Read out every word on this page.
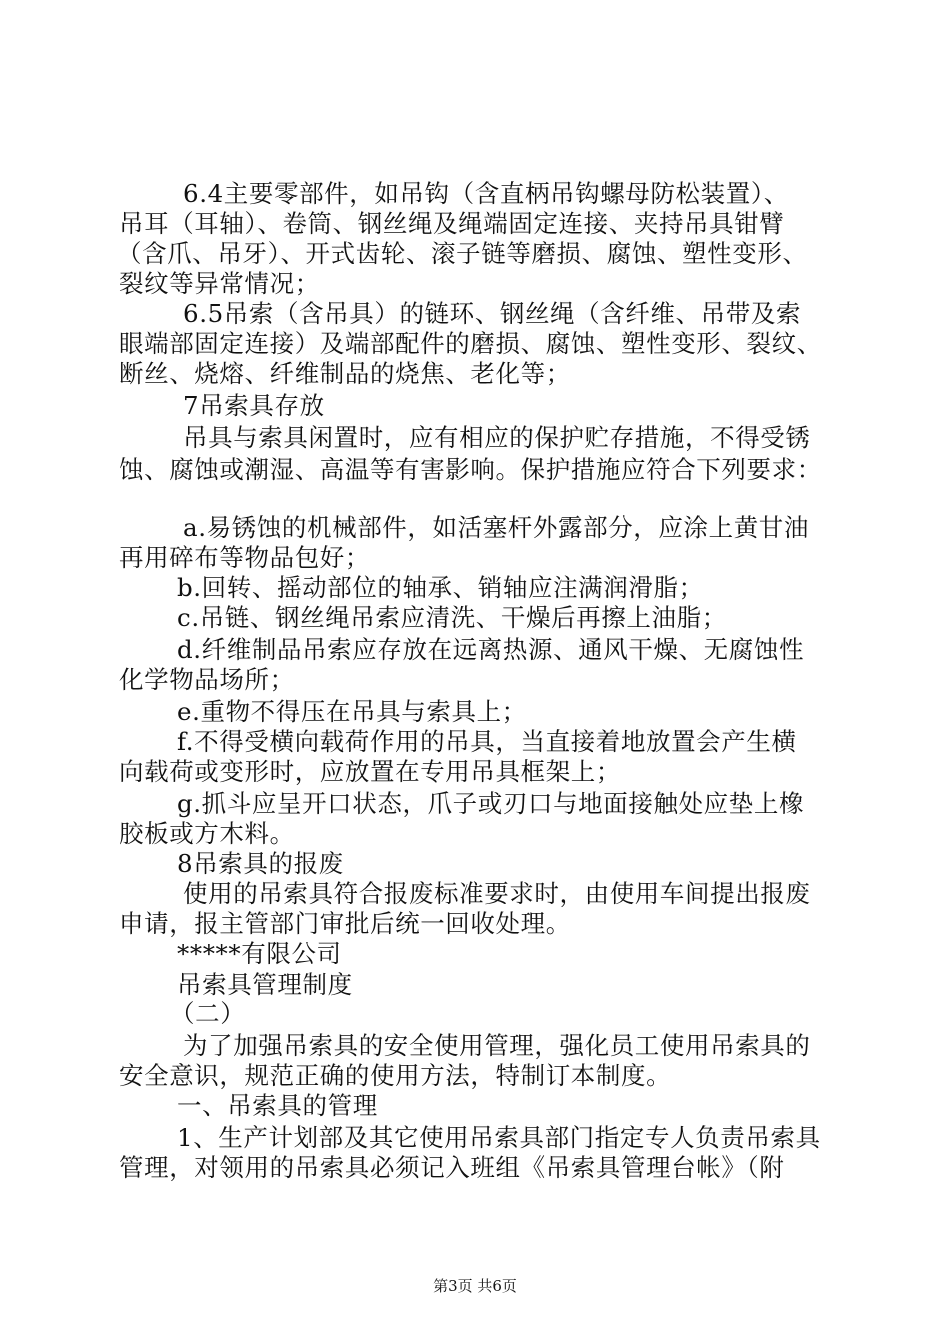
6.4主要零部件，如吊钩（含直柄吊钩螺母防松装置）、
吊耳（耳轴）、卷筒、钢丝绳及绳端固定连接、夹持吊具钳臂
（含爪、吊牙）、开式齿轮、滚子链等磨损、腐蚀、塑性变形、
裂纹等异常情况；
6.5吊索（含吊具）的链环、钢丝绳（含纤维、吊带及索
眼端部固定连接）及端部配件的磨损、腐蚀、塑性变形、裂纹、
断丝、烧熔、纤维制品的烧焦、老化等；
7吊索具存放
吊具与索具闲置时，应有相应的保护贮存措施，不得受锈
蚀、腐蚀或潮湿、高温等有害影响。保护措施应符合下列要求：
a.易锈蚀的机械部件，如活塞杆外露部分，应涂上黄甘油
再用碎布等物品包好；
b.回转、摇动部位的轴承、销轴应注满润滑脂；
c.吊链、钢丝绳吊索应清洗、干燥后再擦上油脂；
d.纤维制品吊索应存放在远离热源、通风干燥、无腐蚀性
化学物品场所；
e.重物不得压在吊具与索具上；
f.不得受横向载荷作用的吊具，当直接着地放置会产生横
向载荷或变形时，应放置在专用吊具框架上；
g.抓斗应呈开口状态，爪子或刃口与地面接触处应垫上橡
胶板或方木料。
8吊索具的报废
使用的吊索具符合报废标准要求时，由使用车间提出报废
申请，报主管部门审批后统一回收处理。
*****有限公司
吊索具管理制度
（二）
为了加强吊索具的安全使用管理，强化员工使用吊索具的
安全意识，规范正确的使用方法，特制订本制度。
一、吊索具的管理
1、生产计划部及其它使用吊索具部门指定专人负责吊索具
管理，对领用的吊索具必须记入班组《吊索具管理台帐》（附
第3页 共6页
